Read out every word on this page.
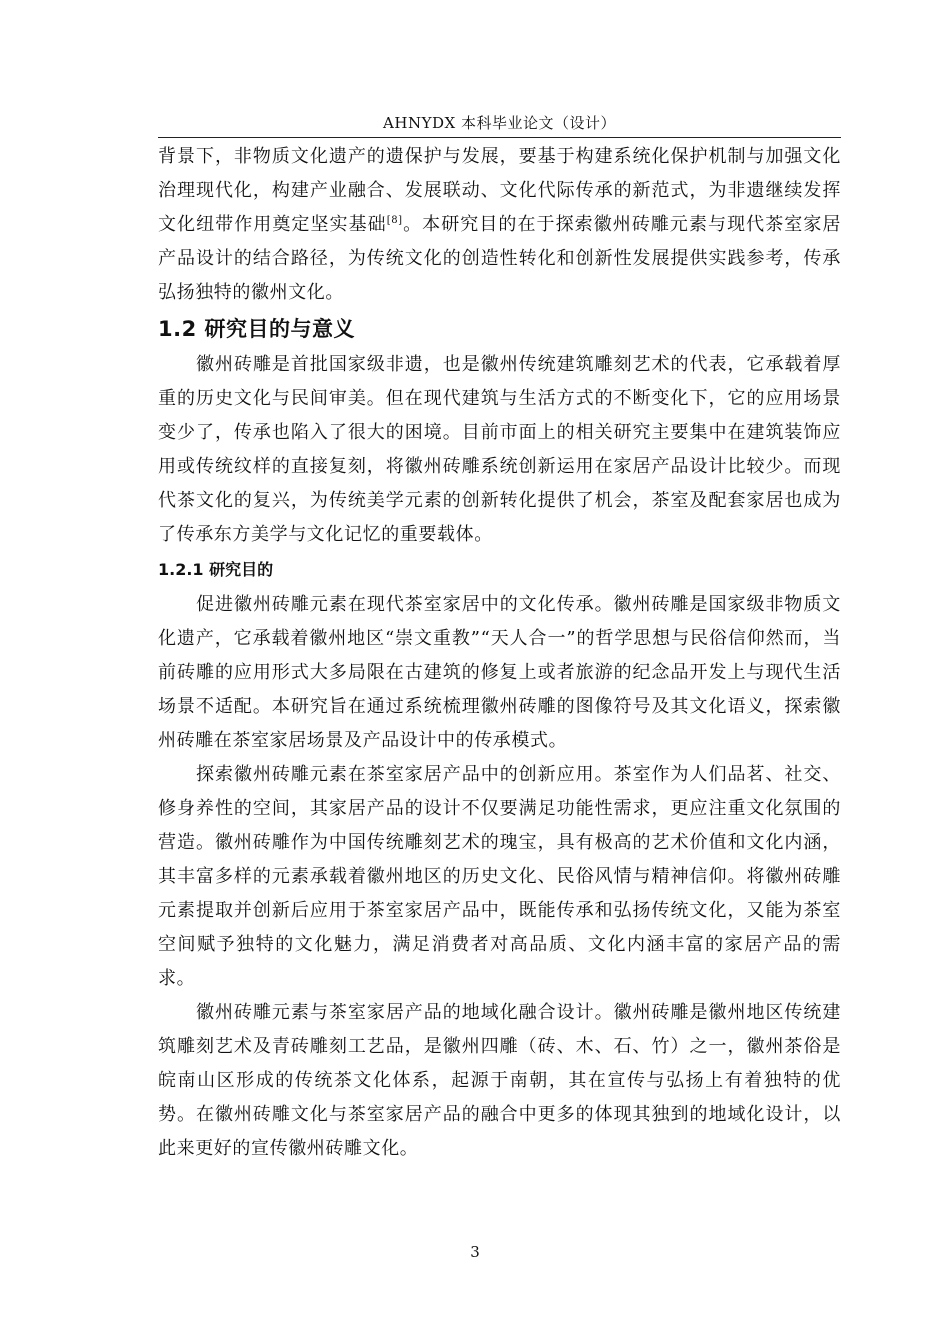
AHNYDX 本科毕业论文（设计）

背景下，非物质文化遗产的遗保护与发展，要基于构建系统化保护机制与加强文化治理现代化，构建产业融合、发展联动、文化代际传承的新范式，为非遗继续发挥文化纽带作用奠定坚实基础[8]。本研究目的在于探索徽州砖雕元素与现代茶室家居产品设计的结合路径，为传统文化的创造性转化和创新性发展提供实践参考，传承弘扬独特的徽州文化。

1.2 研究目的与意义

徽州砖雕是首批国家级非遗，也是徽州传统建筑雕刻艺术的代表，它承载着厚重的历史文化与民间审美。但在现代建筑与生活方式的不断变化下，它的应用场景变少了，传承也陷入了很大的困境。目前市面上的相关研究主要集中在建筑装饰应用或传统纹样的直接复刻，将徽州砖雕系统创新运用在家居产品设计比较少。而现代茶文化的复兴，为传统美学元素的创新转化提供了机会，茶室及配套家居也成为了传承东方美学与文化记忆的重要载体。

1.2.1 研究目的

促进徽州砖雕元素在现代茶室家居中的文化传承。徽州砖雕是国家级非物质文化遗产，它承载着徽州地区“崇文重教”“天人合一”的哲学思想与民俗信仰然而，当前砖雕的应用形式大多局限在古建筑的修复上或者旅游的纪念品开发上与现代生活场景不适配。本研究旨在通过系统梳理徽州砖雕的图像符号及其文化语义，探索徽州砖雕在茶室家居场景及产品设计中的传承模式。

探索徽州砖雕元素在茶室家居产品中的创新应用。茶室作为人们品茗、社交、修身养性的空间，其家居产品的设计不仅要满足功能性需求，更应注重文化氛围的营造。徽州砖雕作为中国传统雕刻艺术的瑰宝，具有极高的艺术价值和文化内涵，其丰富多样的元素承载着徽州地区的历史文化、民俗风情与精神信仰。将徽州砖雕元素提取并创新后应用于茶室家居产品中，既能传承和弘扬传统文化，又能为茶室空间赋予独特的文化魅力，满足消费者对高品质、文化内涵丰富的家居产品的需求。

徽州砖雕元素与茶室家居产品的地域化融合设计。徽州砖雕是徽州地区传统建筑雕刻艺术及青砖雕刻工艺品，是徽州四雕（砖、木、石、竹）之一，徽州茶俗是皖南山区形成的传统茶文化体系，起源于南朝，其在宣传与弘扬上有着独特的优势。在徽州砖雕文化与茶室家居产品的融合中更多的体现其独到的地域化设计，以此来更好的宣传徽州砖雕文化。

3
